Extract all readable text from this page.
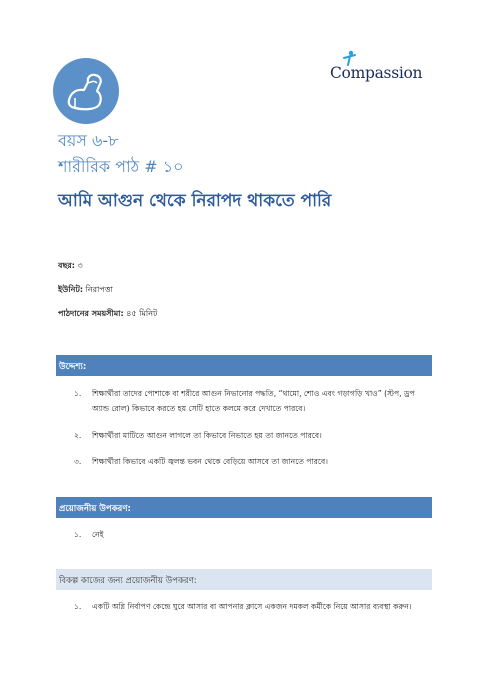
Compassion
বয়স ৬-৮
শারীরিক পাঠ # ১০
আমি আগুন থেকে নিরাপদ থাকতে পারি
বছর: ৩
ইউনিট: নিরাপত্তা
পাঠদানের সময়সীমা: ৪৫ মিনিট
উদ্দেশ্য:
১. শিক্ষার্থীরা তাদের পোশাকে বা শরীরে আগুন নিভানোর পদ্ধতি, “থামো, শোও এবং গড়াগড়ি খাও” (স্টপ, ড্রপ অ্যান্ড রোল) কিভাবে করতে হয় সেটি হাতে কলমে করে দেখাতে পারবে।
২. শিক্ষার্থীরা মাটিতে আগুন লাগলে তা কিভাবে নিভাতে হয় তা জানতে পারবে।
৩. শিক্ষার্থীরা কিভাবে একটি জ্বলন্ত ভবন থেকে বেড়িয়ে আসবে তা জানতে পারবে।
প্রয়োজনীয় উপকরণ:
১. নেই
বিকল্প কাজের জন্য প্রয়োজনীয় উপকরণ:
১. একটি অগ্নি নির্বাপণ কেন্দ্রে ঘুরে আসার বা আপনার ক্লাসে একজন দমকল কর্মীকে নিয়ে আসার ব্যবস্থা করুন।
